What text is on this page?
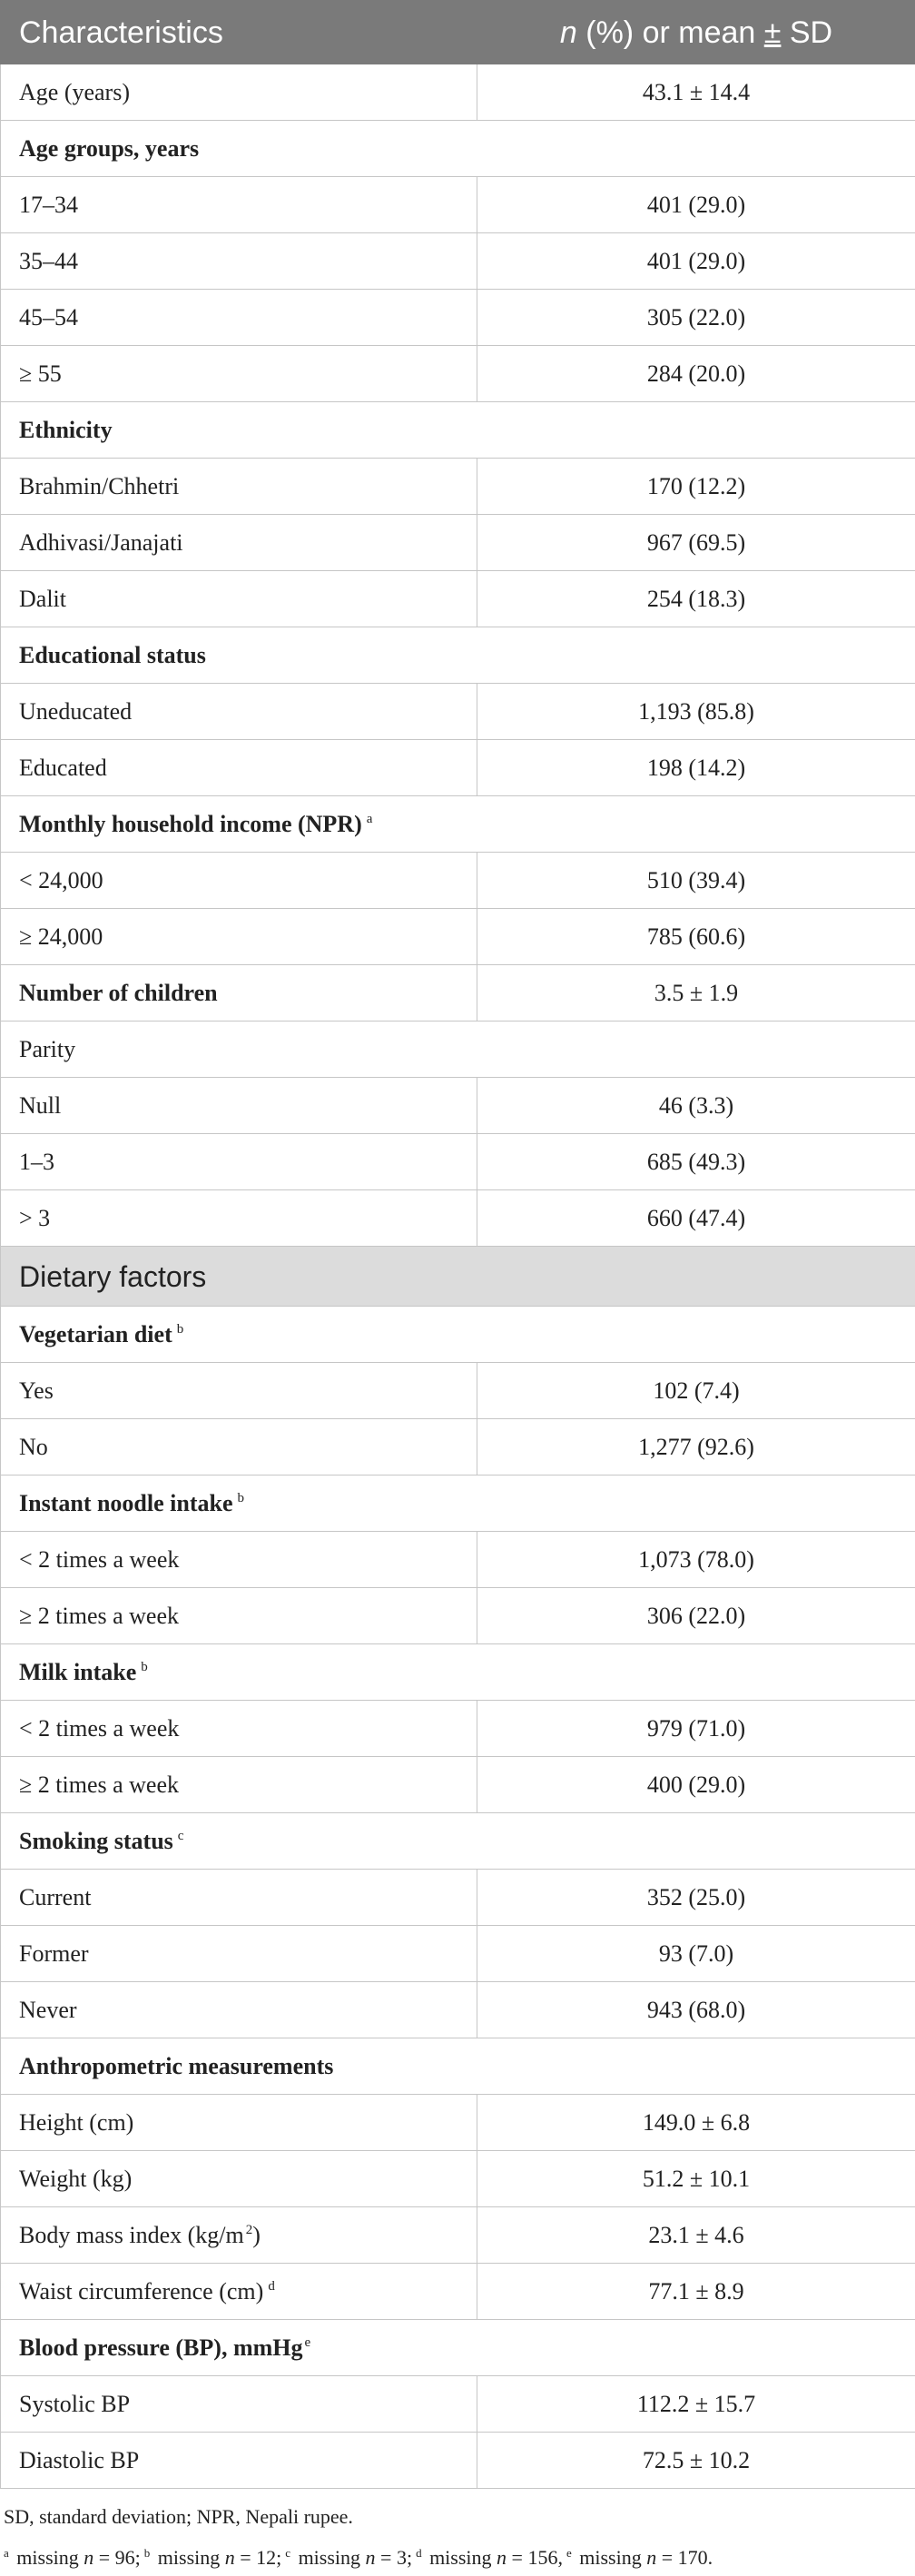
Characteristics	n (%) or mean ± SD
Age (years)	43.1 ± 14.4
Age groups, years	
17–34	401 (29.0)
35–44	401 (29.0)
45–54	305 (22.0)
≥ 55	284 (20.0)
Ethnicity	
Brahmin/Chhetri	170 (12.2)
Adhivasi/Janajati	967 (69.5)
Dalit	254 (18.3)
Educational status	
Uneducated	1,193 (85.8)
Educated	198 (14.2)
Monthly household income (NPR) $^a$
< 24,000	510 (39.4)
≥ 24,000	785 (60.6)
Number of children	3.5 ± 1.9
Parity	
Null	46 (3.3)
1–3	685 (49.3)
> 3	660 (47.4)
Dietary factors	
Vegetarian diet $^b$
Yes	102 (7.4)
No	1,277 (92.6)
Instant noodle intake $^b$
< 2 times a week	1,073 (78.0)
≥ 2 times a week	306 (22.0)
Milk intake $^b$
< 2 times a week	979 (71.0)
≥ 2 times a week	400 (29.0)
Smoking status $^c$
Current	352 (25.0)
Former	93 (7.0)
Never	943 (68.0)
Anthropometric measurements	
Height (cm)	149.0 ± 6.8
Weight (kg)	51.2 ± 10.1
Body mass index (kg/m $^2$)	23.1 ± 4.6
Waist circumference (cm) $^d$	77.1 ± 8.9
Blood pressure (BP), mmHg $^e$
Systolic BP	112.2 ± 15.7
Diastolic BP	72.5 ± 10.2
SD, standard deviation; NPR, Nepali rupee.
$^a$ missing n = 96; $^b$ missing n = 12; $^c$ missing n = 3; $^d$ missing n = 156, $^e$ missing n = 170.
